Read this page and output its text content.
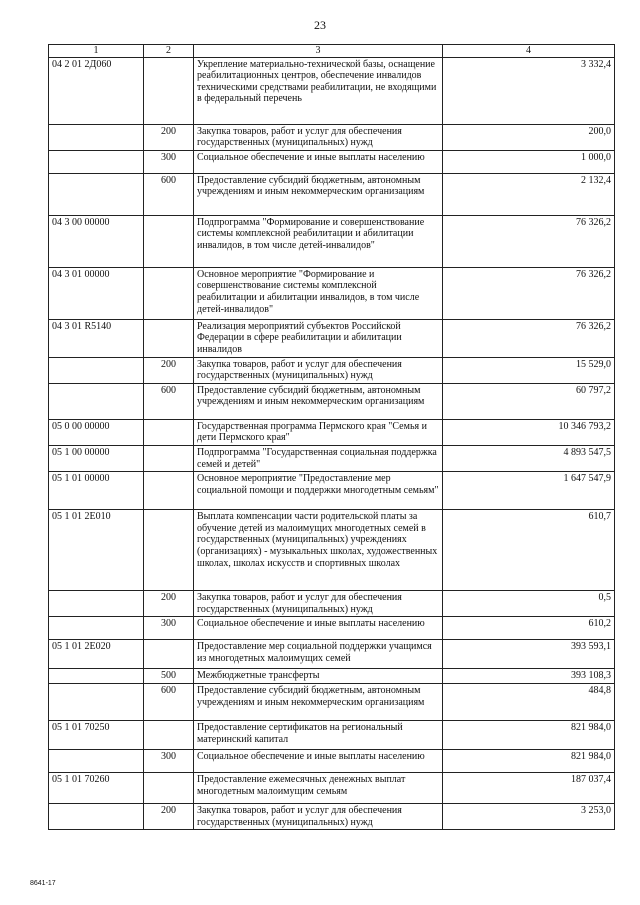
23
1	2	3	4
04 2 01 2Д060		Укрепление материально-технической базы, оснащение реабилитационных центров, обеспечение инвалидов техническими средствами реабилитации, не входящими в федеральный перечень	3 332,4
	200	Закупка товаров, работ и услуг для обеспечения государственных (муниципальных) нужд	200,0
	300	Социальное обеспечение и иные выплаты населению	1 000,0
	600	Предоставление субсидий бюджетным, автономным учреждениям и иным некоммерческим организациям	2 132,4
04 3 00 00000		Подпрограмма "Формирование и совершенствование системы комплексной реабилитации и абилитации инвалидов, в том числе детей-инвалидов"	76 326,2
04 3 01 00000		Основное мероприятие "Формирование и совершенствование системы комплексной реабилитации и абилитации инвалидов, в том числе детей-инвалидов"	76 326,2
04 3 01 R5140		Реализация мероприятий субъектов Российской Федерации в сфере реабилитации и абилитации инвалидов	76 326,2
	200	Закупка товаров, работ и услуг для обеспечения государственных (муниципальных) нужд	15 529,0
	600	Предоставление субсидий бюджетным, автономным учреждениям и иным некоммерческим организациям	60 797,2
05 0 00 00000		Государственная программа Пермского края "Семья и дети Пермского края"	10 346 793,2
05 1 00 00000		Подпрограмма "Государственная социальная поддержка семей и детей"	4 893 547,5
05 1 01 00000		Основное мероприятие "Предоставление мер социальной помощи и поддержки многодетным семьям"	1 647 547,9
05 1 01 2Е010		Выплата компенсации части родительской платы за обучение детей из малоимущих многодетных семей в государственных (муниципальных) учреждениях (организациях) - музыкальных школах, художественных школах, школах искусств и спортивных школах	610,7
	200	Закупка товаров, работ и услуг для обеспечения государственных (муниципальных) нужд	0,5
	300	Социальное обеспечение и иные выплаты населению	610,2
05 1 01 2Е020		Предоставление мер социальной поддержки учащимся из многодетных малоимущих семей	393 593,1
	500	Межбюджетные трансферты	393 108,3
	600	Предоставление субсидий бюджетным, автономным учреждениям и иным некоммерческим организациям	484,8
05 1 01 70250		Предоставление сертификатов на региональный материнский капитал	821 984,0
	300	Социальное обеспечение и иные выплаты населению	821 984,0
05 1 01 70260		Предоставление ежемесячных денежных выплат многодетным малоимущим семьям	187 037,4
	200	Закупка товаров, работ и услуг для обеспечения государственных (муниципальных) нужд	3 253,0
8641-17
